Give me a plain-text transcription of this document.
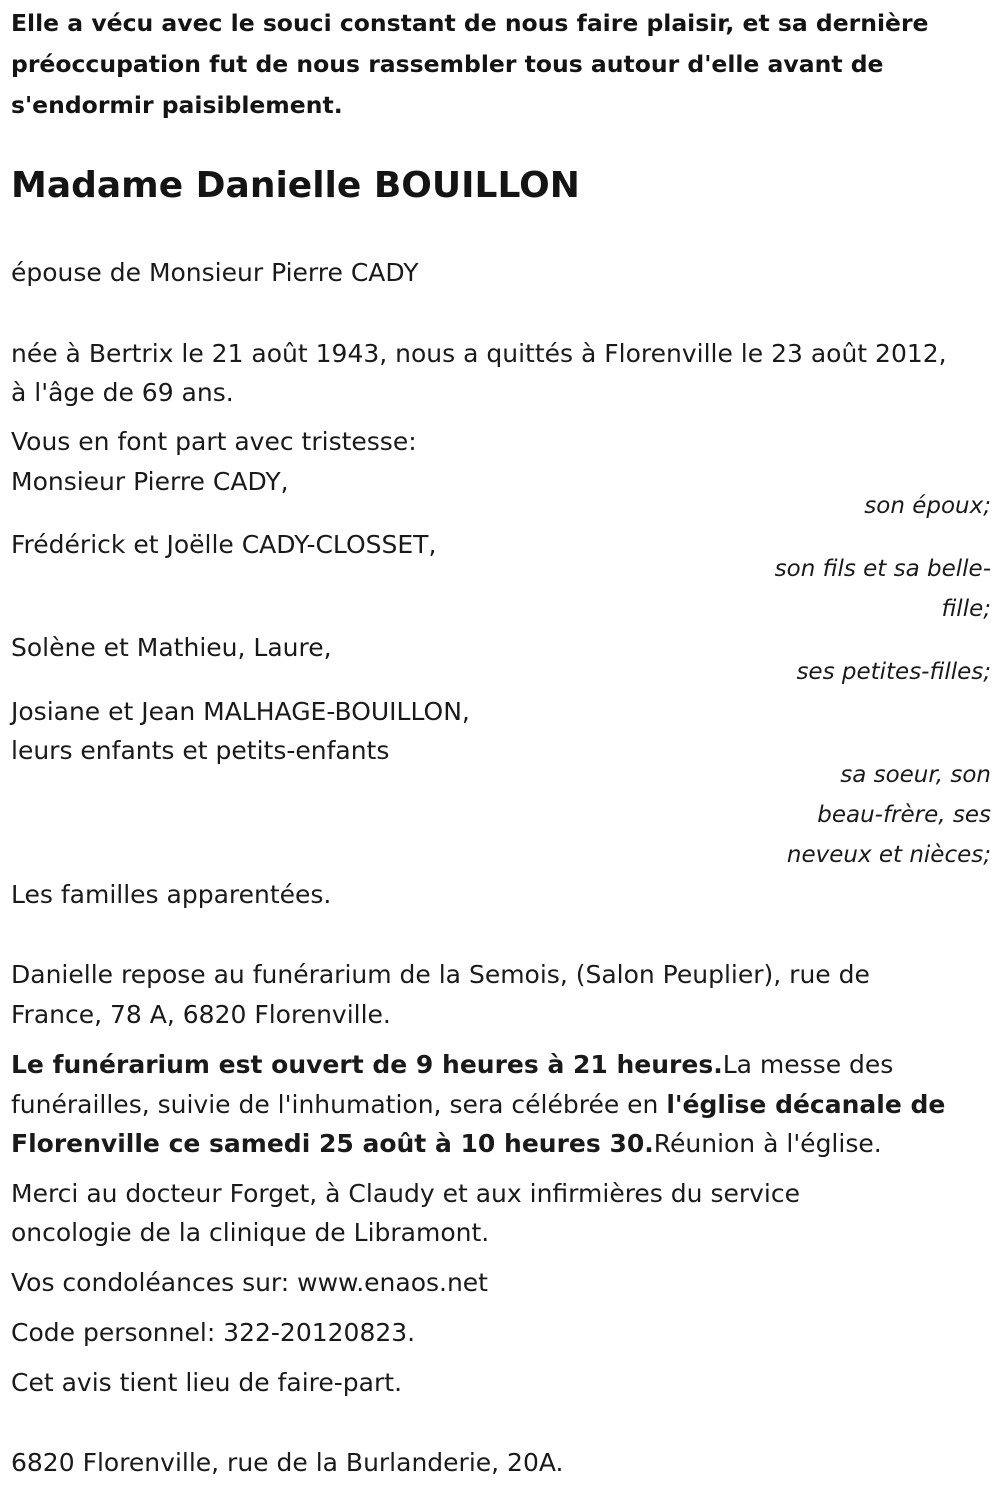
Elle a vécu avec le souci constant de nous faire plaisir, et sa dernière préoccupation fut de nous rassembler tous autour d'elle avant de s'endormir paisiblement.
Madame Danielle BOUILLON
épouse de Monsieur Pierre CADY
née à Bertrix le 21 août 1943, nous a quittés à Florenville le 23 août 2012,
à l'âge de 69 ans.
Vous en font part avec tristesse:
Monsieur Pierre CADY,
son époux;
Frédérick et Joëlle CADY-CLOSSET,
son fils et sa belle-
fille;
Solène et Mathieu, Laure,
ses petites-filles;
Josiane et Jean MALHAGE-BOUILLON,
leurs enfants et petits-enfants
sa soeur, son
beau-frère, ses
neveux et nièces;
Les familles apparentées.
Danielle repose au funérarium de la Semois, (Salon Peuplier), rue de
France, 78 A, 6820 Florenville.
Le funérarium est ouvert de 9 heures à 21 heures.La messe des
funérailles, suivie de l'inhumation, sera célébrée en l'église décanale de
Florenville ce samedi 25 août à 10 heures 30.Réunion à l'église.
Merci au docteur Forget, à Claudy et aux infirmières du service
oncologie de la clinique de Libramont.
Vos condoléances sur: www.enaos.net
Code personnel: 322-20120823.
Cet avis tient lieu de faire-part.
6820 Florenville, rue de la Burlanderie, 20A.
